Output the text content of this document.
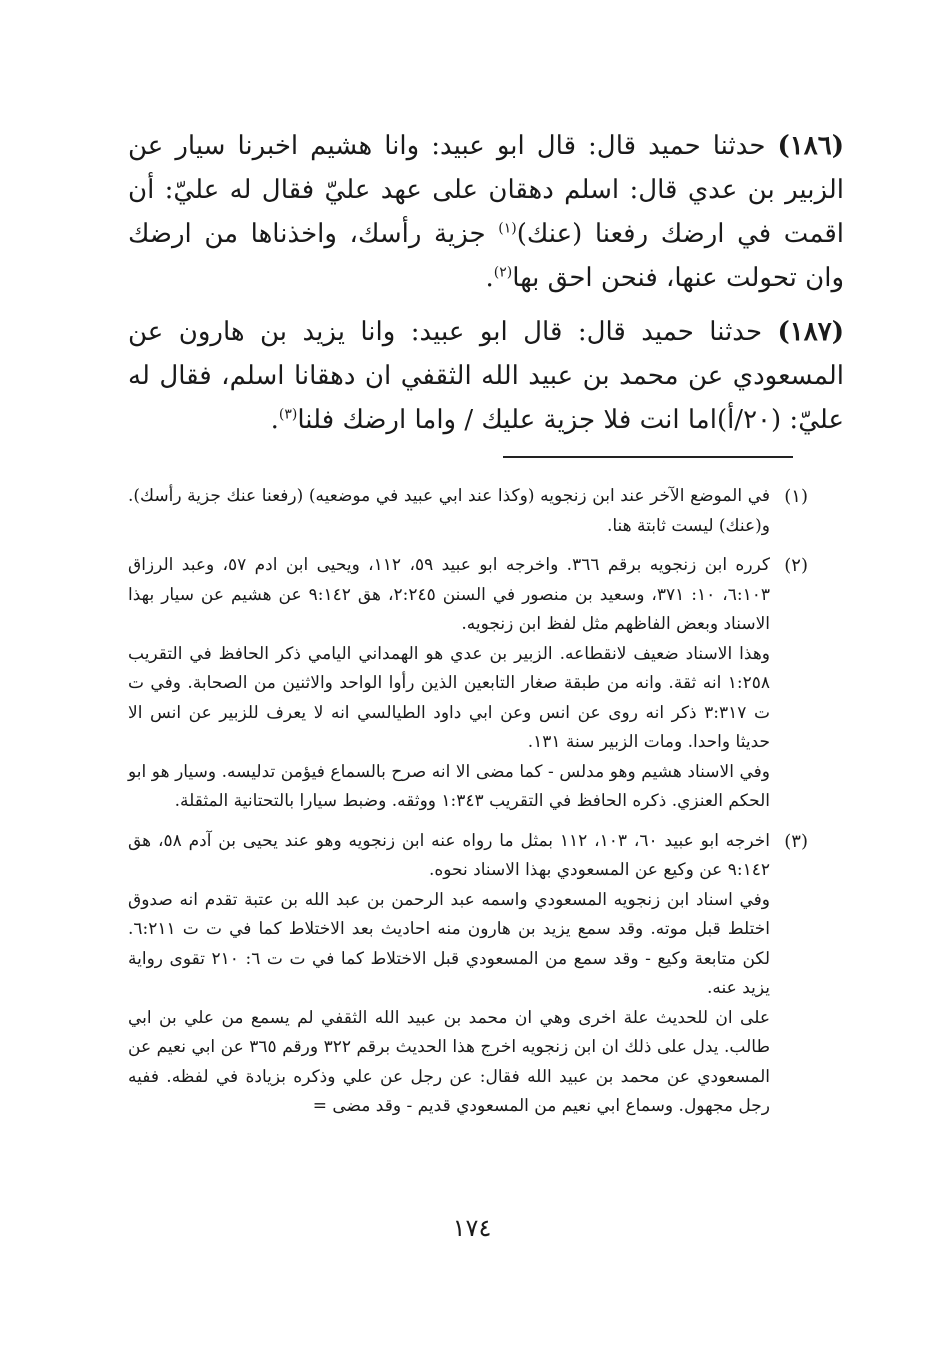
(١٨٦) حدثنا حميد قال: قال ابو عبيد: وانا هشيم اخبرنا سيار عن الزبير بن عدي قال: اسلم دهقان على عهد عليّ فقال له عليّ: أن اقمت في ارضك رفعنا (عنك)$^{(١)}$ جزية رأسك، واخذناها من ارضك وان تحولت عنها، فنحن احق بها$^{(٢)}$.

(١٨٧) حدثنا حميد قال: قال ابو عبيد: وانا يزيد بن هارون عن المسعودي عن محمد بن عبيد الله الثقفي ان دهقانا اسلم، فقال له عليّ: (٢٠/أ)اما انت فلا جزية عليك / واما ارضك فلنا$^{(٣)}$.

(١)

في الموضع الآخر عند ابن زنجويه (وكذا عند ابي عبيد في موضعيه) (رفعنا عنك جزية رأسك). و(عنك) ليست ثابتة هنا.

(٢)

كرره ابن زنجويه برقم ٣٦٦. واخرجه ابو عبيد ٥٩، ١١٢، ويحيى ابن ادم ٥٧، وعبد الرزاق ٦:١٠٣، ١٠: ٣٧١، وسعيد بن منصور في السنن ٢:٢٤٥، هق ٩:١٤٢ عن هشيم عن سيار بهذا الاسناد وبعض الفاظهم مثل لفظ ابن زنجويه.

وهذا الاسناد ضعيف لانقطاعه. الزبير بن عدي هو الهمداني اليامي ذكر الحافظ في التقريب ١:٢٥٨ انه ثقة. وانه من طبقة صغار التابعين الذين رأوا الواحد والاثنين من الصحابة. وفي ت ت ٣:٣١٧ ذكر انه روى عن انس وعن ابي داود الطيالسي انه لا يعرف للزبير عن انس الا حديثا واحدا. ومات الزبير سنة ١٣١.

وفي الاسناد هشيم وهو مدلس - كما مضى الا انه صرح بالسماع فيؤمن تدليسه. وسيار هو ابو الحكم العنزي. ذكره الحافظ في التقريب ١:٣٤٣ ووثقه. وضبط سيارا بالتحتانية المثقلة.

(٣)

اخرجه ابو عبيد ٦٠، ١٠٣، ١١٢ بمثل ما رواه عنه ابن زنجويه وهو عند يحيى بن آدم ٥٨، هق ٩:١٤٢ عن وكيع عن المسعودي بهذا الاسناد نحوه.

وفي اسناد ابن زنجويه المسعودي واسمه عبد الرحمن بن عبد الله بن عتبة تقدم انه صدوق اختلط قبل موته. وقد سمع يزيد بن هارون منه احاديث بعد الاختلاط كما في ت ت ٦:٢١١. لكن متابعة وكيع - وقد سمع من المسعودي قبل الاختلاط كما في ت ت ٦: ٢١٠ تقوى رواية يزيد عنه.

على ان للحديث علة اخرى وهي ان محمد بن عبيد الله الثقفي لم يسمع من علي بن ابي طالب. يدل على ذلك ان ابن زنجويه اخرج هذا الحديث برقم ٣٢٢ ورقم ٣٦٥ عن ابي نعيم عن المسعودي عن محمد بن عبيد الله فقال: عن رجل عن علي وذكره بزيادة في لفظه. ففيه رجل مجهول. وسماع ابي نعيم من المسعودي قديم - وقد مضى =

١٧٤
